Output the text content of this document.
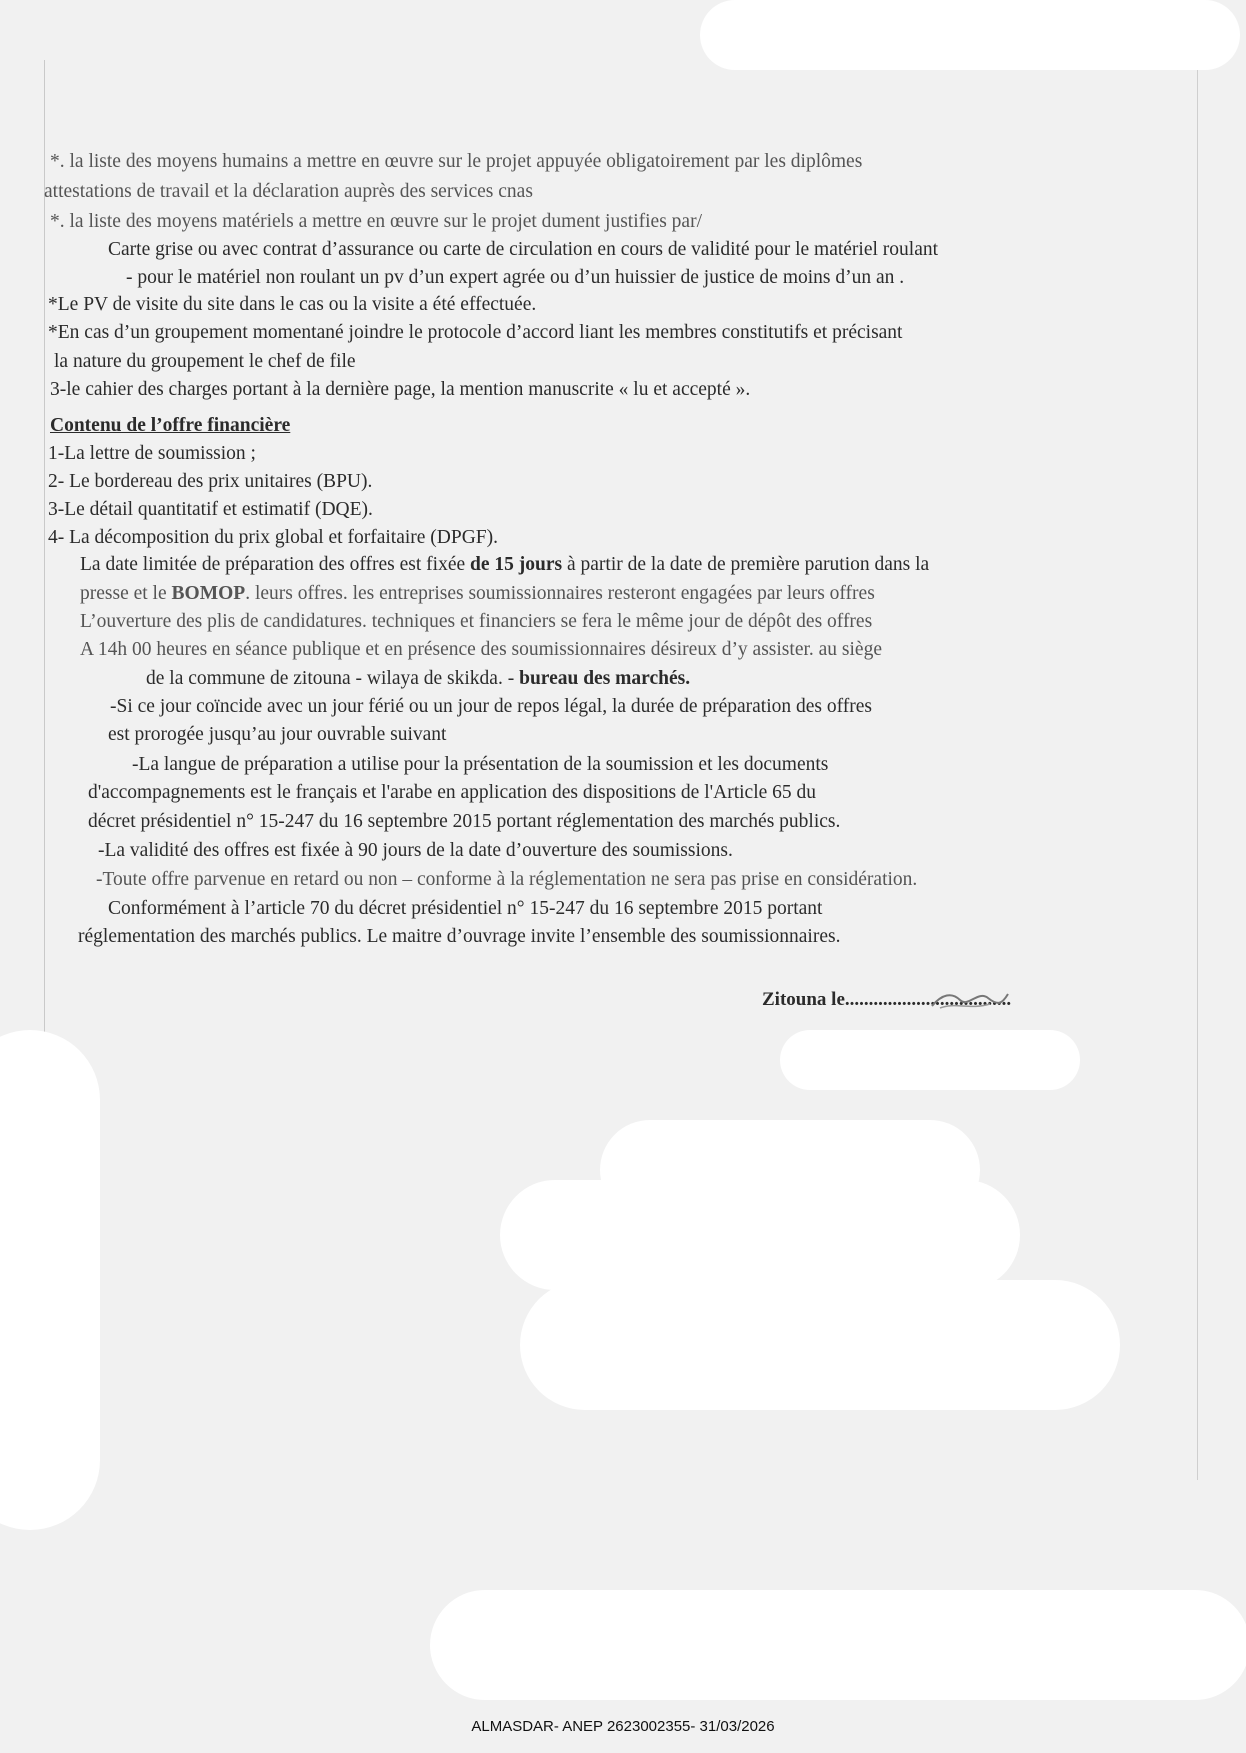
*. la liste des moyens humains a mettre en œuvre sur le projet appuyée obligatoirement par les diplômes
attestations de travail et la déclaration auprès des services cnas
*. la liste des moyens matériels a mettre en œuvre sur le projet dument justifies par/
Carte grise ou avec contrat d’assurance ou carte de circulation en cours de validité pour le matériel roulant
- pour le matériel non roulant un pv d’un expert agrée ou d’un huissier de justice de moins d’un an .
*Le PV de visite du site dans le cas ou la visite a été effectuée.
*En cas d’un groupement momentané joindre le protocole d’accord liant les membres constitutifs et précisant
la nature du groupement le chef de file
3-le cahier des charges portant à la dernière page, la mention manuscrite « lu et accepté ».
Contenu de l’offre financière
1-La lettre de soumission ;
2- Le bordereau des prix unitaires (BPU).
3-Le détail quantitatif et estimatif (DQE).
4- La décomposition du prix global et forfaitaire (DPGF).
La date limitée de préparation des offres est fixée de 15 jours à partir de la date de première parution dans la
presse et le BOMOP. leurs offres. les entreprises soumissionnaires resteront engagées par leurs offres
L’ouverture des plis de candidatures. techniques et financiers se fera le même jour de dépôt des offres
A 14h 00 heures en séance publique et en présence des soumissionnaires désireux d’y assister. au siège
de la commune de zitouna - wilaya de skikda. - bureau des marchés.
-Si ce jour coïncide avec un jour férié ou un jour de repos légal, la durée de préparation des offres
est prorogée jusqu’au jour ouvrable suivant
-La langue de préparation a utilise pour la présentation de la soumission et les documents
d'accompagnements est le français et l'arabe en application des dispositions de l'Article 65 du
décret présidentiel n° 15-247 du 16 septembre 2015 portant réglementation des marchés publics.
-La validité des offres est fixée à 90 jours de la date d’ouverture des soumissions.
-Toute offre parvenue en retard ou non – conforme à la réglementation ne sera pas prise en considération.
Conformément à l’article 70 du décret présidentiel n° 15-247 du 16 septembre 2015 portant
réglementation des marchés publics. Le maitre d’ouvrage invite l’ensemble des soumissionnaires.
Zitouna le...................................
ALMASDAR- ANEP 2623002355- 31/03/2026
